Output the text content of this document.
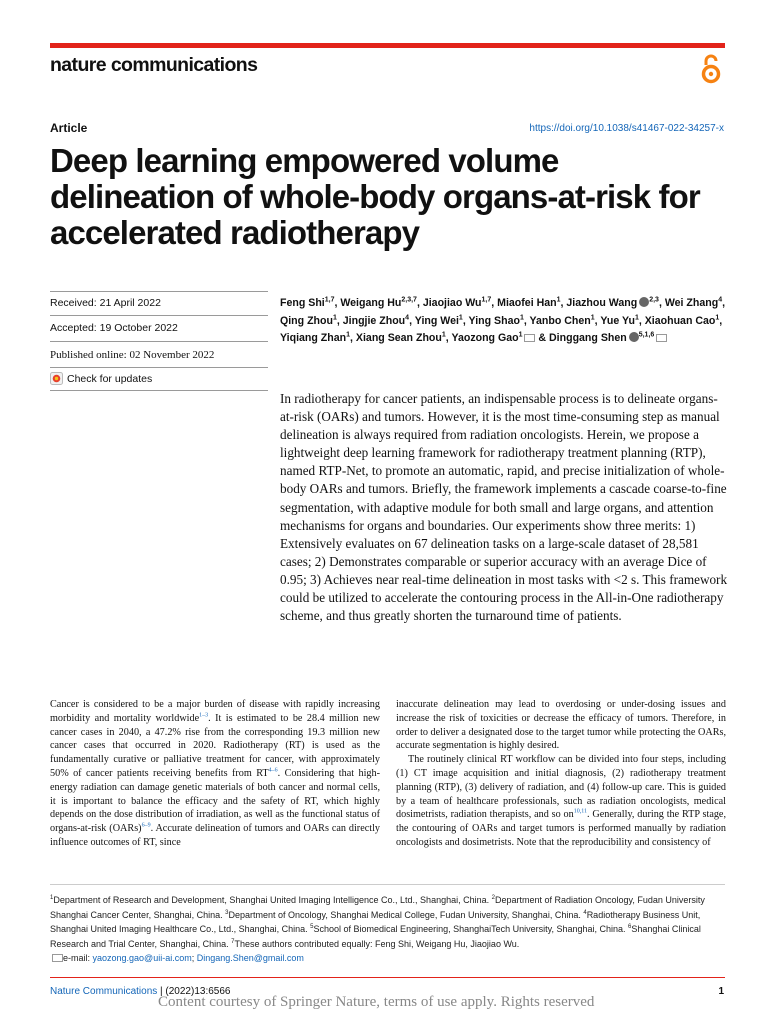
nature communications
Article	https://doi.org/10.1038/s41467-022-34257-x
Deep learning empowered volume delineation of whole-body organs-at-risk for accelerated radiotherapy
Received: 21 April 2022
Accepted: 19 October 2022
Published online: 02 November 2022
Check for updates
Feng Shi$^{1,7}$, Weigang Hu$^{2,3,7}$, Jiaojiao Wu$^{1,7}$, Miaofei Han$^1$, Jiazhou Wang $^{2,3}$, Wei Zhang$^4$, Qing Zhou$^1$, Jingjie Zhou$^4$, Ying Wei$^1$, Ying Shao$^1$, Yanbo Chen$^1$, Yue Yu$^1$, Xiaohuan Cao$^1$, Yiqiang Zhan$^1$, Xiang Sean Zhou$^1$, Yaozong Gao$^1$ & Dinggang Shen $^{5,1,6}$

In radiotherapy for cancer patients, an indispensable process is to delineate organs-at-risk (OARs) and tumors. However, it is the most time-consuming step as manual delineation is always required from radiation oncologists. Herein, we propose a lightweight deep learning framework for radiotherapy treatment planning (RTP), named RTP-Net, to promote an automatic, rapid, and precise initialization of whole-body OARs and tumors. Briefly, the framework implements a cascade coarse-to-fine segmentation, with adaptive module for both small and large organs, and attention mechanisms for organs and boundaries. Our experiments show three merits: 1) Extensively evaluates on 67 delineation tasks on a large-scale dataset of 28,581 cases; 2) Demonstrates comparable or superior accuracy with an average Dice of 0.95; 3) Achieves near real-time delineation in most tasks with <2 s. This framework could be utilized to accelerate the contouring process in the All-in-One radiotherapy scheme, and thus greatly shorten the turnaround time of patients.

Cancer is considered to be a major burden of disease with rapidly increasing morbidity and mortality worldwide$^{1-3}$. It is estimated to be 28.4 million new cancer cases in 2040, a 47.2% rise from the corresponding 19.3 million new cancer cases that occurred in 2020. Radiotherapy (RT) is used as the fundamentally curative or palliative treatment for cancer, with approximately 50% of cancer patients receiving benefits from RT$^{4-6}$. Considering that high-energy radiation can damage genetic materials of both cancer and normal cells, it is important to balance the efficacy and the safety of RT, which highly depends on the dose distribution of irradiation, as well as the functional status of organs-at-risk (OARs)$^{6-9}$. Accurate delineation of tumors and OARs can directly influence outcomes of RT, since

inaccurate delineation may lead to overdosing or under-dosing issues and increase the risk of toxicities or decrease the efficacy of tumors. Therefore, in order to deliver a designated dose to the target tumor while protecting the OARs, accurate segmentation is highly desired.

The routinely clinical RT workflow can be divided into four steps, including (1) CT image acquisition and initial diagnosis, (2) radiotherapy treatment planning (RTP), (3) delivery of radiation, and (4) follow-up care. This is guided by a team of healthcare professionals, such as radiation oncologists, medical dosimetrists, radiation therapists, and so on$^{10,11}$. Generally, during the RTP stage, the contouring of OARs and target tumors is performed manually by radiation oncologists and dosimetrists. Note that the reproducibility and consistency of

$^1$Department of Research and Development, Shanghai United Imaging Intelligence Co., Ltd., Shanghai, China. $^2$Department of Radiation Oncology, Fudan University Shanghai Cancer Center, Shanghai, China. $^3$Department of Oncology, Shanghai Medical College, Fudan University, Shanghai, China. $^4$Radiotherapy Business Unit, Shanghai United Imaging Healthcare Co., Ltd., Shanghai, China. $^5$School of Biomedical Engineering, ShanghaiTech University, Shanghai, China. $^6$Shanghai Clinical Research and Trial Center, Shanghai, China. $^7$These authors contributed equally: Feng Shi, Weigang Hu, Jiaojiao Wu.
e-mail: yaozong.gao@uii-ai.com; Dingang.Shen@gmail.com

Nature Communications | (2022)13:6566	1
Content courtesy of Springer Nature, terms of use apply. Rights reserved
